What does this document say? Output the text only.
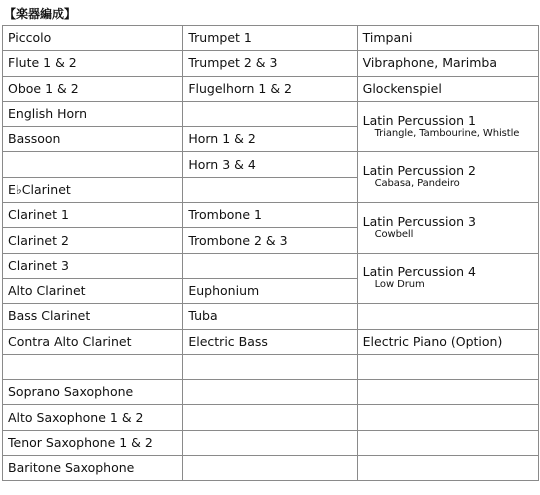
【楽器編成】
Piccolo	Trumpet 1	Timpani
Flute 1 & 2	Trumpet 2 & 3	Vibraphone, Marimba
Oboe 1 & 2	Flugelhorn 1 & 2	Glockenspiel
English Horn		Latin Percussion 1
Triangle, Tambourine, Whistle

Bassoon	Horn 1 & 2	
	Horn 3 & 4	Latin Percussion 2
Cabasa, Pandeiro

E♭Clarinet		
Clarinet 1	Trombone 1	Latin Percussion 3
Cowbell

Clarinet 2	Trombone 2 & 3	
Clarinet 3		Latin Percussion 4
Low Drum

Alto Clarinet	Euphonium	
Bass Clarinet	Tuba	
Contra Alto Clarinet	Electric Bass	Electric Piano (Option)

Soprano Saxophone		
Alto Saxophone 1 & 2		
Tenor Saxophone 1 & 2		
Baritone Saxophone		
